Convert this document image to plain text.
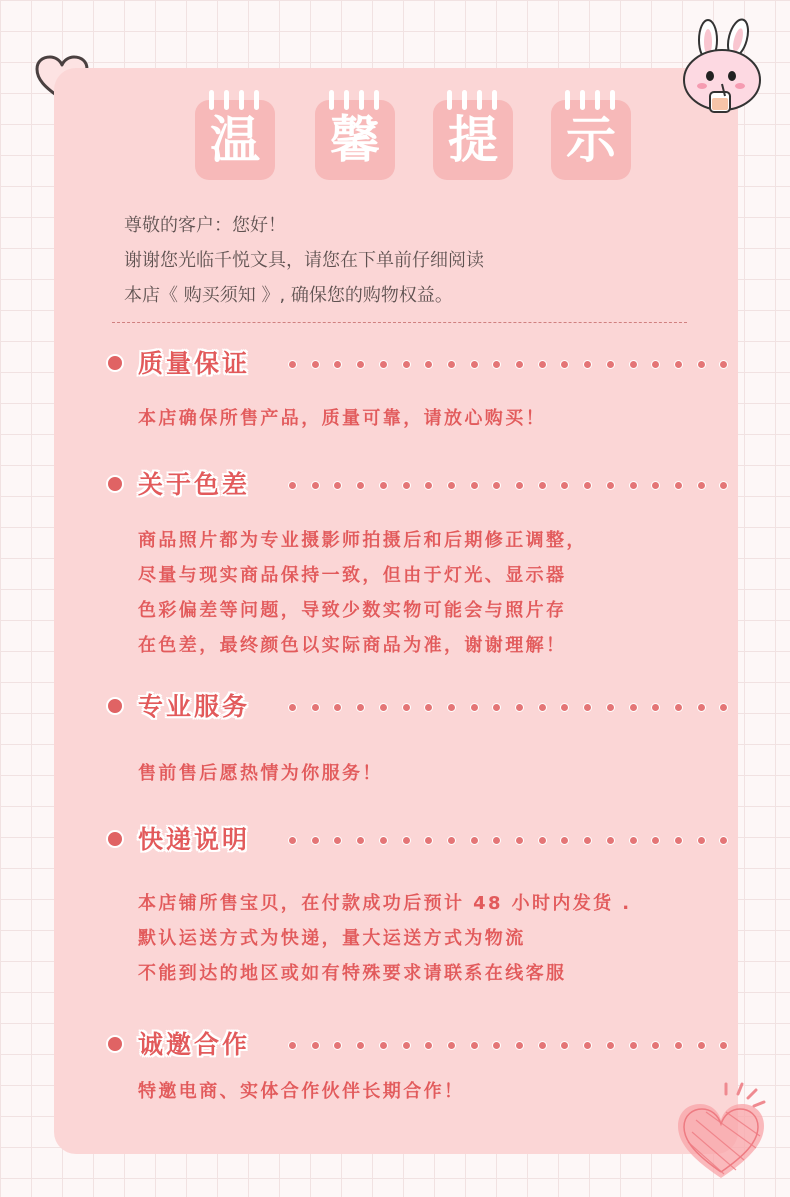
温 馨 提 示
尊敬的客户：您好！
谢谢您光临千悦文具，请您在下单前仔细阅读
本店《 购买须知 》, 确保您的购物权益。
质量保证
本店确保所售产品，质量可靠，请放心购买！
关于色差
商品照片都为专业摄影师拍摄后和后期修正调整，
尽量与现实商品保持一致，但由于灯光、显示器
色彩偏差等问题，导致少数实物可能会与照片存
在色差，最终颜色以实际商品为准，谢谢理解！
专业服务
售前售后愿热情为你服务！
快递说明
本店铺所售宝贝，在付款成功后预计 48 小时内发货 .
默认运送方式为快递，量大运送方式为物流
不能到达的地区或如有特殊要求请联系在线客服
诚邀合作
特邀电商、实体合作伙伴长期合作！
